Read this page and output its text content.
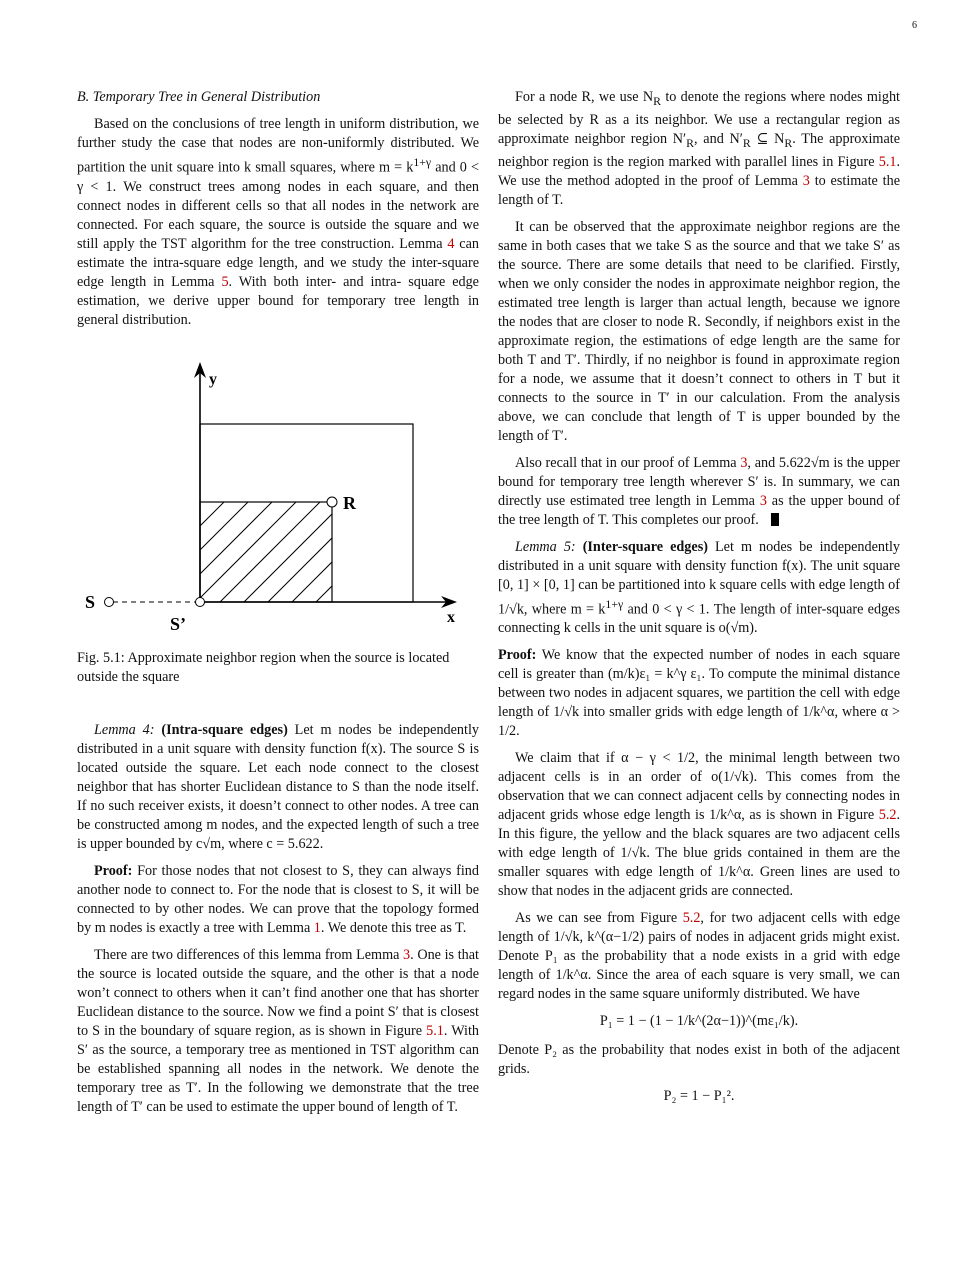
6
B. Temporary Tree in General Distribution

Based on the conclusions of tree length in uniform distribution, we further study the case that nodes are non-uniformly distributed. We partition the unit square into k small squares, where $m = k^{1+\gamma}$ and 0 < γ < 1. We construct trees among nodes in each square, and then connect nodes in different cells so that all nodes in the network are connected. For each square, the source is outside the square and we still apply the TST algorithm for the tree construction. Lemma 4 can estimate the intra-square edge length, and we study the inter-square edge length in Lemma 5. With both inter- and intra- square edge estimation, we derive upper bound for temporary tree length in general distribution.

y
x
R
S
S’

Fig. 5.1: Approximate neighbor region when the source is located outside the square

Lemma 4: (Intra-square edges) Let m nodes be independently distributed in a unit square with density function f(x). The source S is located outside the square. Let each node connect to the closest neighbor that has shorter Euclidean distance to S than the node itself. If no such receiver exists, it doesn’t connect to other nodes. A tree can be constructed among m nodes, and the expected length of such a tree is upper bounded by c√m, where c = 5.622.

Proof: For those nodes that not closest to S, they can always find another node to connect to. For the node that is closest to S, it will be connected to by other nodes. We can prove that the topology formed by m nodes is exactly a tree with Lemma 1. We denote this tree as T.

There are two differences of this lemma from Lemma 3. One is that the source is located outside the square, and the other is that a node won’t connect to others when it can’t find another one that has shorter Euclidean distance to the source. Now we find a point S′ that is closest to S in the boundary of square region, as is shown in Figure 5.1. With S′ as the source, a temporary tree as mentioned in TST algorithm can be established spanning all nodes in the network. We denote the temporary tree as T′. In the following we demonstrate that the tree length of T′ can be used to estimate the upper bound of length of T.

For a node R, we use $N_R$ to denote the regions where nodes might be selected by R as a its neighbor. We use a rectangular region as approximate neighbor region $N'_R$, and $N'_R$ ⊆ $N_R$. The approximate neighbor region is the region marked with parallel lines in Figure 5.1. We use the method adopted in the proof of Lemma 3 to estimate the length of T.

It can be observed that the approximate neighbor regions are the same in both cases that we take S as the source and that we take S′ as the source. There are some details that need to be clarified. Firstly, when we only consider the nodes in approximate neighbor region, the estimated tree length is larger than actual length, because we ignore the nodes that are closer to node R. Secondly, if neighbors exist in the approximate region, the estimations of edge length are the same for both T and T′. Thirdly, if no neighbor is found in approximate region for a node, we assume that it doesn’t connect to others in T but it connects to the source in T′ in our calculation. From the analysis above, we can conclude that length of T is upper bounded by the length of T′.

Also recall that in our proof of Lemma 3, and 5.622√m is the upper bound for temporary tree length wherever S′ is. In summary, we can directly use estimated tree length in Lemma 3 as the upper bound of the tree length of T. This completes our proof.

Lemma 5: (Inter-square edges) Let m nodes be independently distributed in a unit square with density function f(x). The unit square [0, 1] × [0, 1] can be partitioned into k square cells with edge length of 1/√k, where $m = k^{1+\gamma}$ and 0 < γ < 1. The length of inter-square edges connecting k cells in the unit square is o(√m).

Proof: We know that the expected number of nodes in each square cell is greater than (m/k)ε₁ = k^γ ε₁. To compute the minimal distance between two nodes in adjacent squares, we partition the cell with edge length of 1/√k into smaller grids with edge length of 1/k^α, where α > 1/2.

We claim that if α − γ < 1/2, the minimal length between two adjacent cells is in an order of o(1/√k). This comes from the observation that we can connect adjacent cells by connecting nodes in adjacent grids whose edge length is 1/k^α, as is shown in Figure 5.2. In this figure, the yellow and the black squares are two adjacent cells with edge length of 1/√k. The blue grids contained in them are the smaller squares with edge length of 1/k^α. Green lines are used to show that nodes in the adjacent grids are connected.

As we can see from Figure 5.2, for two adjacent cells with edge length of 1/√k, k^(α−1/2) pairs of nodes in adjacent grids might exist. Denote P₁ as the probability that a node exists in a grid with edge length of 1/k^α. Since the area of each square is very small, we can regard nodes in the same square uniformly distributed. We have

P₁ = 1 − (1 − 1/k^(2α−1))^(mε₁/k).

Denote P₂ as the probability that nodes exist in both of the adjacent grids.

P₂ = 1 − P₁².
